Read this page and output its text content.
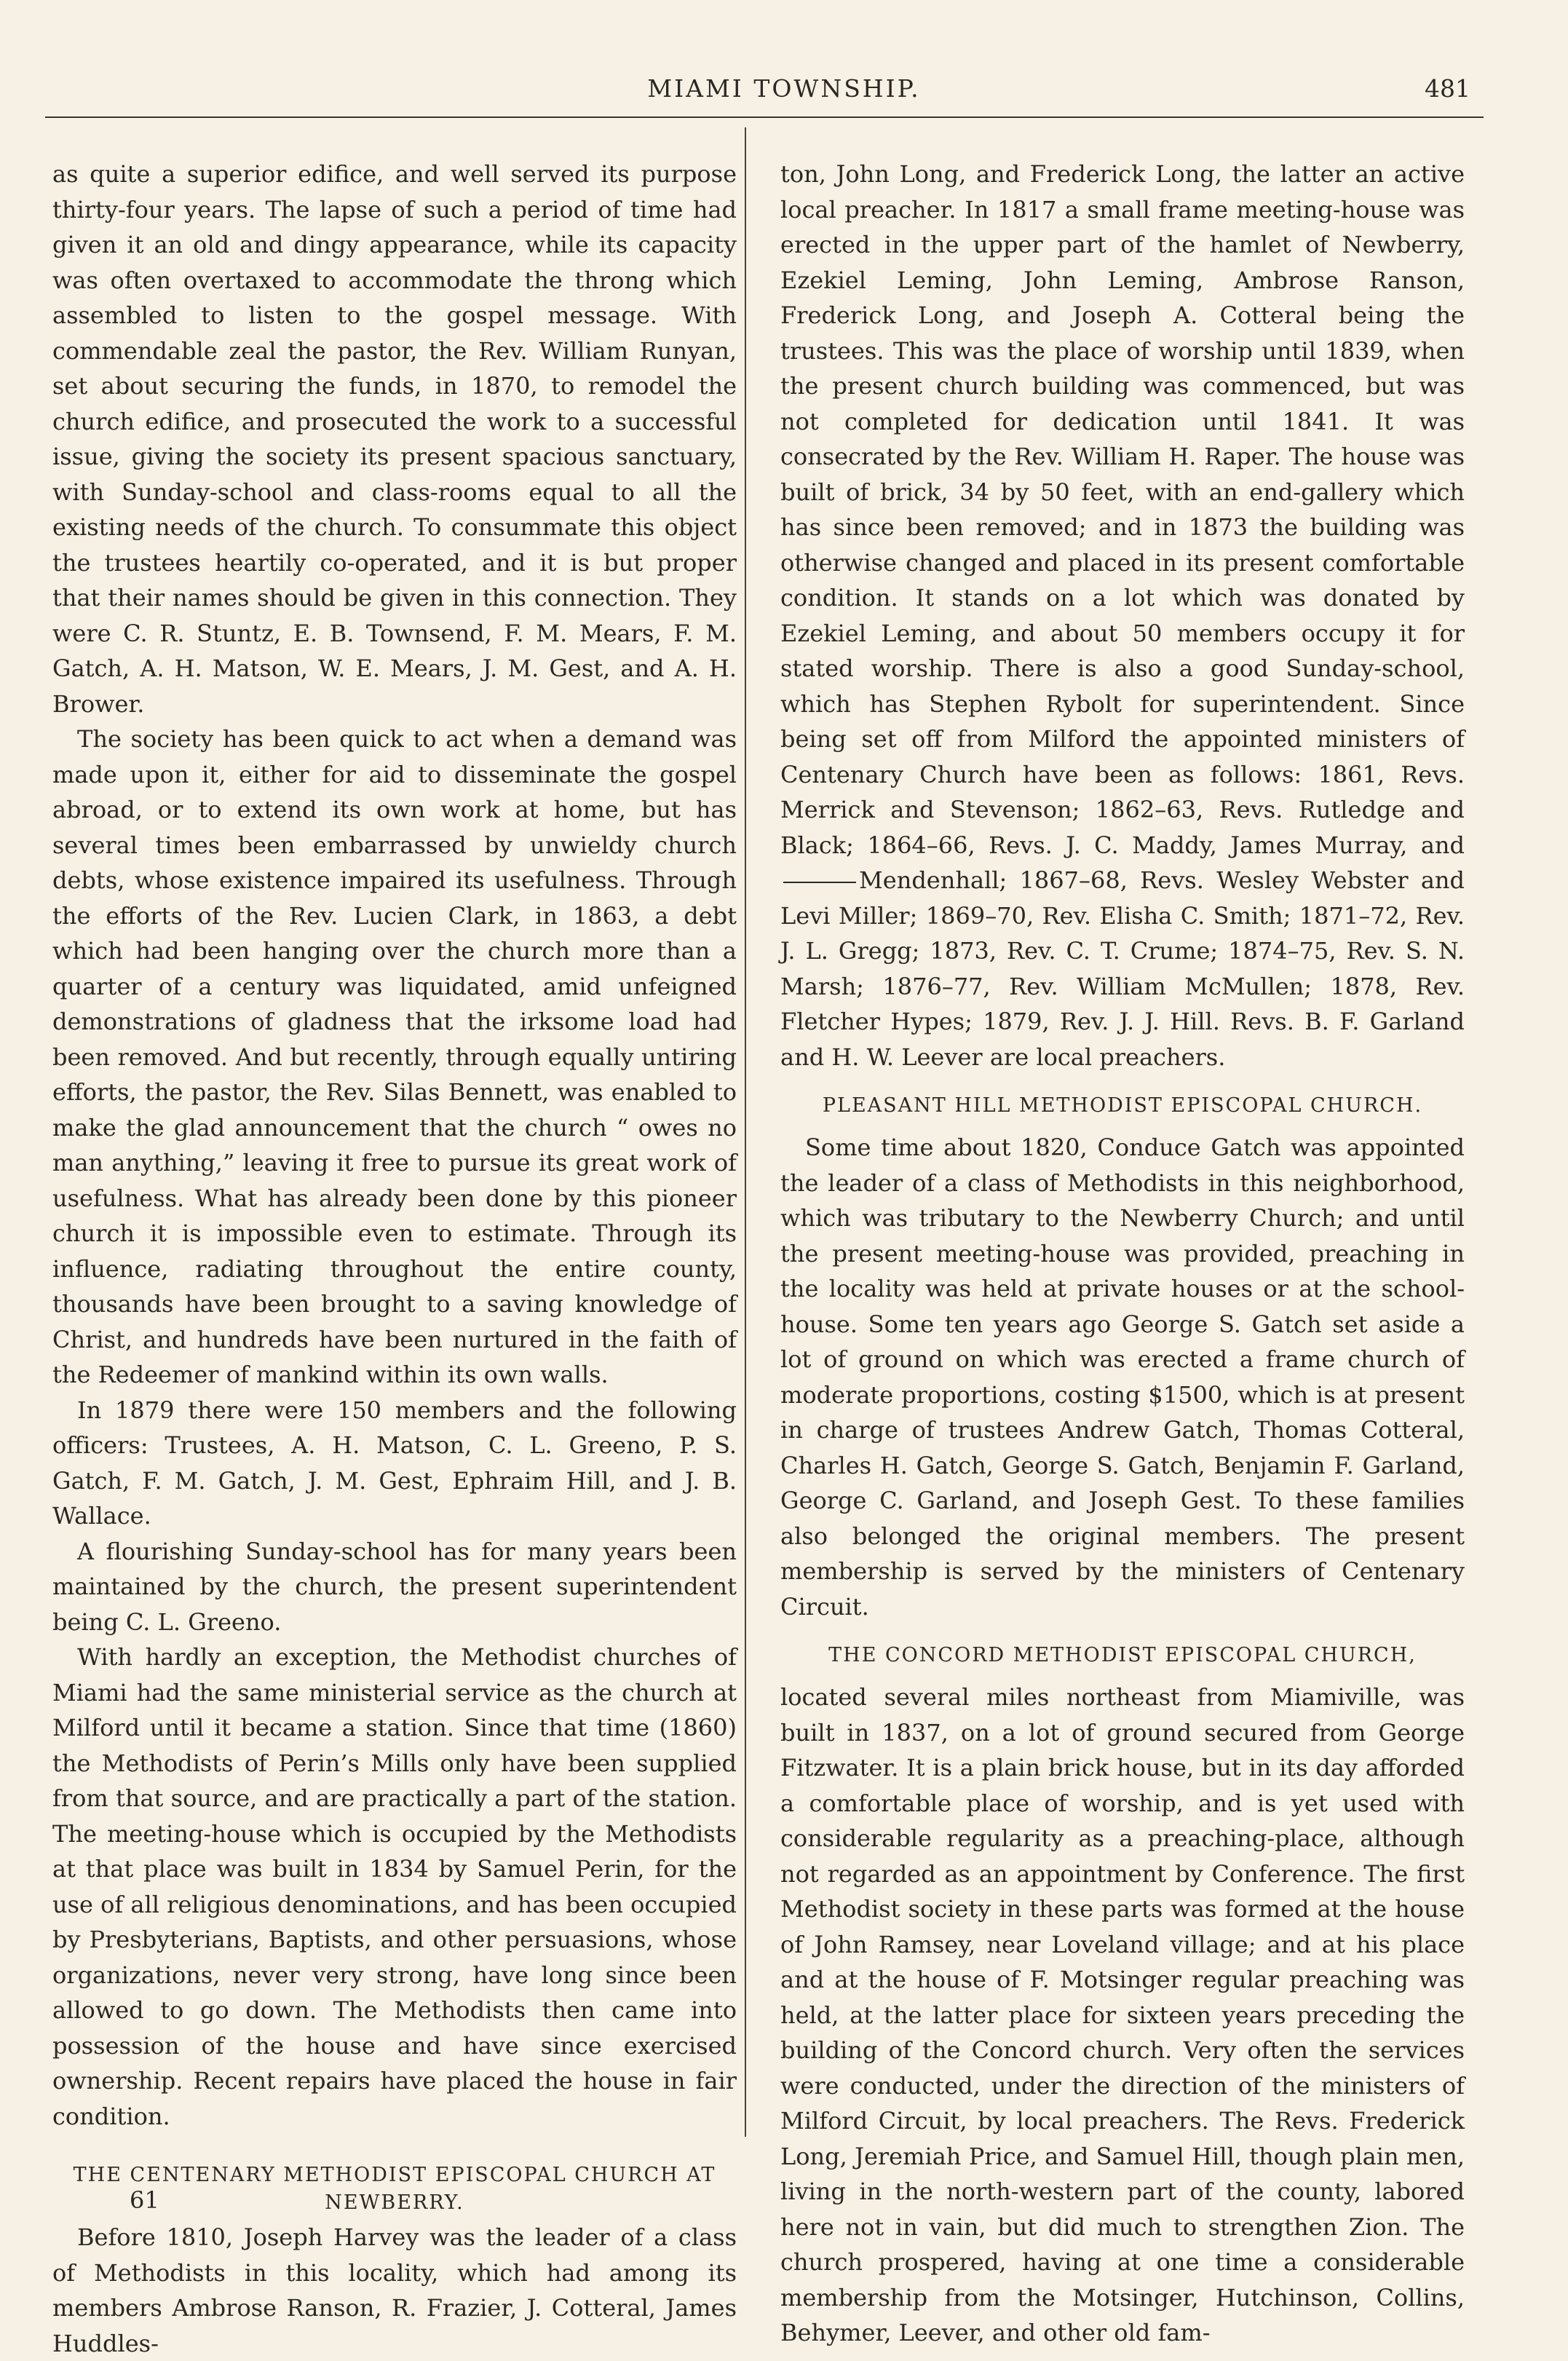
MIAMI TOWNSHIP.	481

as quite a superior edifice, and well served its purpose thirty-four years. The lapse of such a period of time had given it an old and dingy appearance, while its capacity was often overtaxed to accommodate the throng which assembled to listen to the gospel message. With commendable zeal the pastor, the Rev. William Runyan, set about securing the funds, in 1870, to remodel the church edifice, and prosecuted the work to a successful issue, giving the society its present spacious sanctuary, with Sunday-school and class-rooms equal to all the existing needs of the church. To consummate this object the trustees heartily co-operated, and it is but proper that their names should be given in this connection. They were C. R. Stuntz, E. B. Townsend, F. M. Mears, F. M. Gatch, A. H. Matson, W. E. Mears, J. M. Gest, and A. H. Brower.

The society has been quick to act when a demand was made upon it, either for aid to disseminate the gospel abroad, or to extend its own work at home, but has several times been embarrassed by unwieldy church debts, whose existence impaired its usefulness. Through the efforts of the Rev. Lucien Clark, in 1863, a debt which had been hanging over the church more than a quarter of a century was liquidated, amid unfeigned demonstrations of gladness that the irksome load had been removed. And but recently, through equally untiring efforts, the pastor, the Rev. Silas Bennett, was enabled to make the glad announcement that the church “ owes no man anything,” leaving it free to pursue its great work of usefulness. What has already been done by this pioneer church it is impossible even to estimate. Through its influence, radiating throughout the entire county, thousands have been brought to a saving knowledge of Christ, and hundreds have been nurtured in the faith of the Redeemer of mankind within its own walls.

In 1879 there were 150 members and the following officers: Trustees, A. H. Matson, C. L. Greeno, P. S. Gatch, F. M. Gatch, J. M. Gest, Ephraim Hill, and J. B. Wallace.

A flourishing Sunday-school has for many years been maintained by the church, the present superintendent being C. L. Greeno.

With hardly an exception, the Methodist churches of Miami had the same ministerial service as the church at Milford until it became a station. Since that time (1860) the Methodists of Perin’s Mills only have been supplied from that source, and are practically a part of the station. The meeting-house which is occupied by the Methodists at that place was built in 1834 by Samuel Perin, for the use of all religious denominations, and has been occupied by Presbyterians, Baptists, and other persuasions, whose organizations, never very strong, have long since been allowed to go down. The Methodists then came into possession of the house and have since exercised ownership. Recent repairs have placed the house in fair condition.

THE CENTENARY METHODIST EPISCOPAL CHURCH AT NEWBERRY.

Before 1810, Joseph Harvey was the leader of a class of Methodists in this locality, which had among its members Ambrose Ranson, R. Frazier, J. Cotteral, James Huddles-

ton, John Long, and Frederick Long, the latter an active local preacher. In 1817 a small frame meeting-house was erected in the upper part of the hamlet of Newberry, Ezekiel Leming, John Leming, Ambrose Ranson, Frederick Long, and Joseph A. Cotteral being the trustees. This was the place of worship until 1839, when the present church building was commenced, but was not completed for dedication until 1841. It was consecrated by the Rev. William H. Raper. The house was built of brick, 34 by 50 feet, with an end-gallery which has since been removed; and in 1873 the building was otherwise changed and placed in its present comfortable condition. It stands on a lot which was donated by Ezekiel Leming, and about 50 members occupy it for stated worship. There is also a good Sunday-school, which has Stephen Rybolt for superintendent. Since being set off from Milford the appointed ministers of Centenary Church have been as follows: 1861, Revs. Merrick and Stevenson; 1862–63, Revs. Rutledge and Black; 1864–66, Revs. J. C. Maddy, James Murray, andMendenhall; 1867–68, Revs. Wesley Webster and Levi Miller; 1869–70, Rev. Elisha C. Smith; 1871–72, Rev. J. L. Gregg; 1873, Rev. C. T. Crume; 1874–75, Rev. S. N. Marsh; 1876–77, Rev. William McMullen; 1878, Rev. Fletcher Hypes; 1879, Rev. J. J. Hill. Revs. B. F. Garland and H. W. Leever are local preachers.

PLEASANT HILL METHODIST EPISCOPAL CHURCH.

Some time about 1820, Conduce Gatch was appointed the leader of a class of Methodists in this neighborhood, which was tributary to the Newberry Church; and until the present meeting-house was provided, preaching in the locality was held at private houses or at the school-house. Some ten years ago George S. Gatch set aside a lot of ground on which was erected a frame church of moderate proportions, costing $1500, which is at present in charge of trustees Andrew Gatch, Thomas Cotteral, Charles H. Gatch, George S. Gatch, Benjamin F. Garland, George C. Garland, and Joseph Gest. To these families also belonged the original members. The present membership is served by the ministers of Centenary Circuit.

THE CONCORD METHODIST EPISCOPAL CHURCH,

located several miles northeast from Miamiville, was built in 1837, on a lot of ground secured from George Fitzwater. It is a plain brick house, but in its day afforded a comfortable place of worship, and is yet used with considerable regularity as a preaching-place, although not regarded as an appointment by Conference. The first Methodist society in these parts was formed at the house of John Ramsey, near Loveland village; and at his place and at the house of F. Motsinger regular preaching was held, at the latter place for sixteen years preceding the building of the Concord church. Very often the services were conducted, under the direction of the ministers of Milford Circuit, by local preachers. The Revs. Frederick Long, Jeremiah Price, and Samuel Hill, though plain men, living in the north-western part of the county, labored here not in vain, but did much to strengthen Zion. The church prospered, having at one time a considerable membership from the Motsinger, Hutchinson, Collins, Behymer, Leever, and other old fam-

61
